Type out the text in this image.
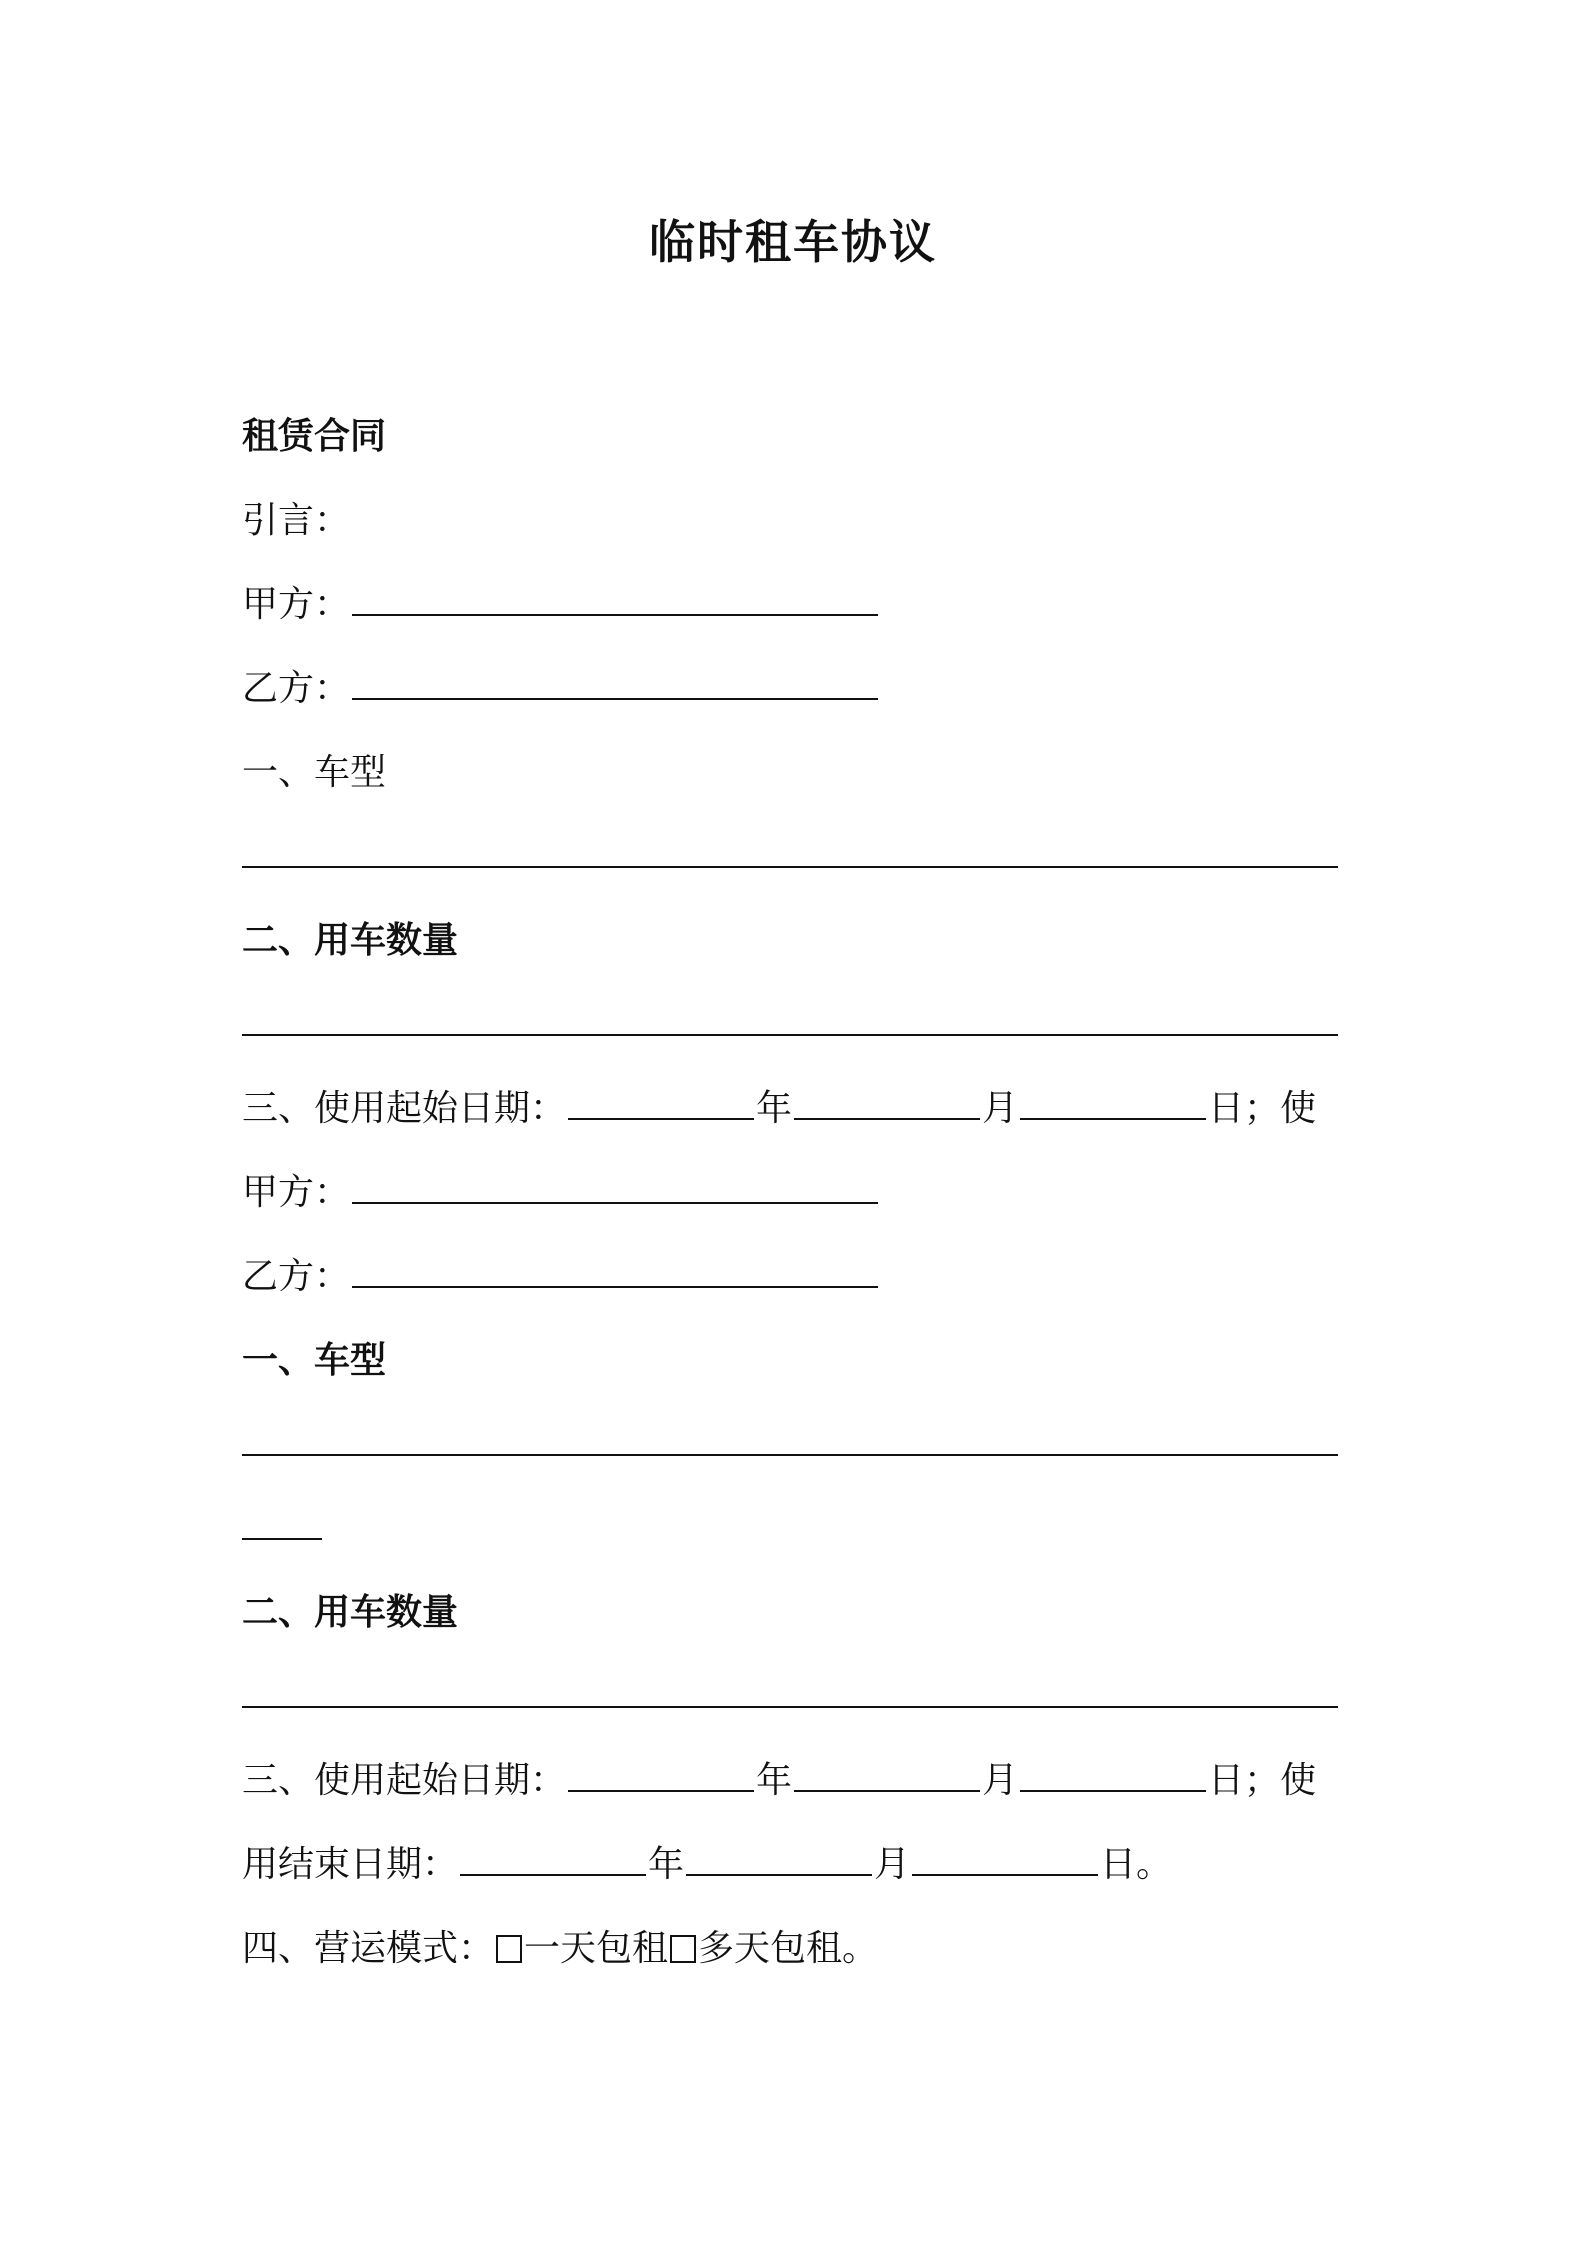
临时租车协议
租赁合同
引言：
甲方：
乙方：
一、车型
二、用车数量
三、使用起始日期：	年	月	日；使
甲方：
乙方：
一、车型
二、用车数量
三、使用起始日期：	年	月	日；使
用结束日期：	年	月	日。
四、营运模式： 一天包租 多天包租。
